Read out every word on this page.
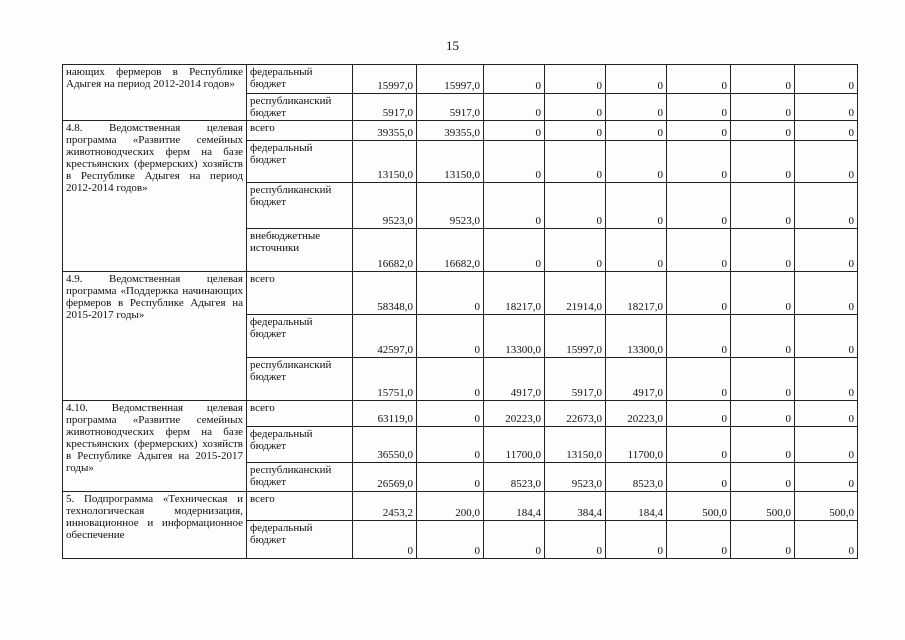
15
нающих фермеров в Республике Адыгея на период 2012-2014 годов»	федеральный бюджет	15997,0	15997,0	0	0	0	0	0	0
	республиканский бюджет	5917,0	5917,0	0	0	0	0	0	0
4.8. Ведомственная целевая программа «Развитие семейных животноводческих ферм на базе крестьянских (фермерских) хозяйств в Республике Адыгея на период 2012-2014 годов»	всего	39355,0	39355,0	0	0	0	0	0	0
	федеральный бюджет	13150,0	13150,0	0	0	0	0	0	0
	республиканский бюджет	9523,0	9523,0	0	0	0	0	0	0
	внебюджетные источники	16682,0	16682,0	0	0	0	0	0	0
4.9. Ведомственная целевая программа «Поддержка начинающих фермеров в Республике Адыгея на 2015-2017 годы»	всего	58348,0	0	18217,0	21914,0	18217,0	0	0	0
	федеральный бюджет	42597,0	0	13300,0	15997,0	13300,0	0	0	0
	республиканский бюджет	15751,0	0	4917,0	5917,0	4917,0	0	0	0
4.10. Ведомственная целевая программа «Развитие семейных животноводческих ферм на базе крестьянских (фермерских) хозяйств в Республике Адыгея на 2015-2017 годы»	всего	63119,0	0	20223,0	22673,0	20223,0	0	0	0
	федеральный бюджет	36550,0	0	11700,0	13150,0	11700,0	0	0	0
	республиканский бюджет	26569,0	0	8523,0	9523,0	8523,0	0	0	0
5. Подпрограмма «Техническая и технологическая модернизация, инновационное и информационное обеспечение	всего	2453,2	200,0	184,4	384,4	184,4	500,0	500,0	500,0
	федеральный бюджет	0	0	0	0	0	0	0	0
